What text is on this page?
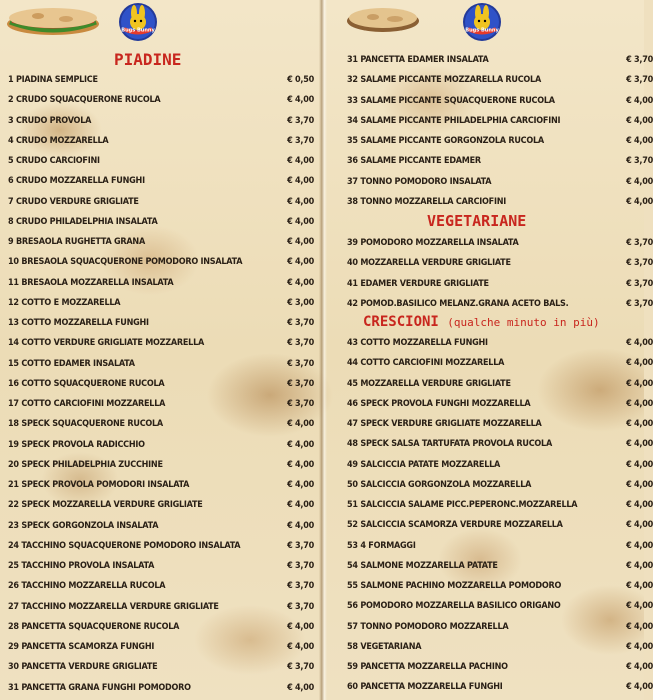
Bugs Bunny	Bugs Bunny
PIADINE
1 PIADINA SEMPLICE	€ 0,50
2 CRUDO SQUACQUERONE RUCOLA	€ 4,00
3 CRUDO PROVOLA	€ 3,70
4 CRUDO MOZZARELLA	€ 3,70
5 CRUDO CARCIOFINI	€ 4,00
6 CRUDO MOZZARELLA FUNGHI	€ 4,00
7 CRUDO VERDURE GRIGLIATE	€ 4,00
8 CRUDO PHILADELPHIA INSALATA	€ 4,00
9 BRESAOLA RUGHETTA GRANA	€ 4,00
10 BRESAOLA SQUACQUERONE POMODORO INSALATA	€ 4,00
11 BRESAOLA MOZZARELLA INSALATA	€ 4,00
12 COTTO E MOZZARELLA	€ 3,00
13 COTTO MOZZARELLA FUNGHI	€ 3,70
14 COTTO VERDURE GRIGLIATE MOZZARELLA	€ 3,70
15 COTTO EDAMER INSALATA	€ 3,70
16 COTTO SQUACQUERONE RUCOLA	€ 3,70
17 COTTO CARCIOFINI MOZZARELLA	€ 3,70
18 SPECK SQUACQUERONE RUCOLA	€ 4,00
19 SPECK PROVOLA RADICCHIO	€ 4,00
20 SPECK PHILADELPHIA ZUCCHINE	€ 4,00
21 SPECK PROVOLA POMODORI INSALATA	€ 4,00
22 SPECK MOZZARELLA VERDURE GRIGLIATE	€ 4,00
23 SPECK GORGONZOLA INSALATA	€ 4,00
24 TACCHINO SQUACQUERONE POMODORO INSALATA	€ 3,70
25 TACCHINO PROVOLA INSALATA	€ 3,70
26 TACCHINO MOZZARELLA RUCOLA	€ 3,70
27 TACCHINO MOZZARELLA VERDURE GRIGLIATE	€ 3,70
28 PANCETTA SQUACQUERONE RUCOLA	€ 4,00
29 PANCETTA SCAMORZA FUNGHI	€ 4,00
30 PANCETTA VERDURE GRIGLIATE	€ 3,70
31 PANCETTA GRANA FUNGHI POMODORO	€ 4,00
VEGETARIANE
CRESCIONI (qualche minuto in più)
31 PANCETTA EDAMER INSALATA	€ 3,70
32 SALAME PICCANTE MOZZARELLA RUCOLA	€ 3,70
33 SALAME PICCANTE SQUACQUERONE RUCOLA	€ 4,00
34 SALAME PICCANTE PHILADELPHIA CARCIOFINI	€ 4,00
35 SALAME PICCANTE GORGONZOLA RUCOLA	€ 4,00
36 SALAME PICCANTE EDAMER	€ 3,70
37 TONNO POMODORO INSALATA	€ 4,00
38 TONNO MOZZARELLA CARCIOFINI	€ 4,00
39 POMODORO MOZZARELLA INSALATA	€ 3,70
40 MOZZARELLA VERDURE GRIGLIATE	€ 3,70
41 EDAMER VERDURE GRIGLIATE	€ 3,70
42 POMOD.BASILICO MELANZ.GRANA ACETO BALS.	€ 3,70
43 COTTO MOZZARELLA FUNGHI	€ 4,00
44 COTTO CARCIOFINI MOZZARELLA	€ 4,00
45 MOZZARELLA VERDURE GRIGLIATE	€ 4,00
46 SPECK PROVOLA FUNGHI MOZZARELLA	€ 4,00
47 SPECK VERDURE GRIGLIATE MOZZARELLA	€ 4,00
48 SPECK SALSA TARTUFATA PROVOLA RUCOLA	€ 4,00
49 SALCICCIA PATATE MOZZARELLA	€ 4,00
50 SALCICCIA GORGONZOLA MOZZARELLA	€ 4,00
51 SALCICCIA SALAME PICC.PEPERONC.MOZZARELLA	€ 4,00
52 SALCICCIA SCAMORZA VERDURE MOZZARELLA	€ 4,00
53 4 FORMAGGI	€ 4,00
54 SALMONE MOZZARELLA PATATE	€ 4,00
55 SALMONE PACHINO MOZZARELLA POMODORO	€ 4,00
56 POMODORO MOZZARELLA BASILICO ORIGANO	€ 4,00
57 TONNO POMODORO MOZZARELLA	€ 4,00
58 VEGETARIANA	€ 4,00
59 PANCETTA MOZZARELLA PACHINO	€ 4,00
60 PANCETTA MOZZARELLA FUNGHI	€ 4,00
